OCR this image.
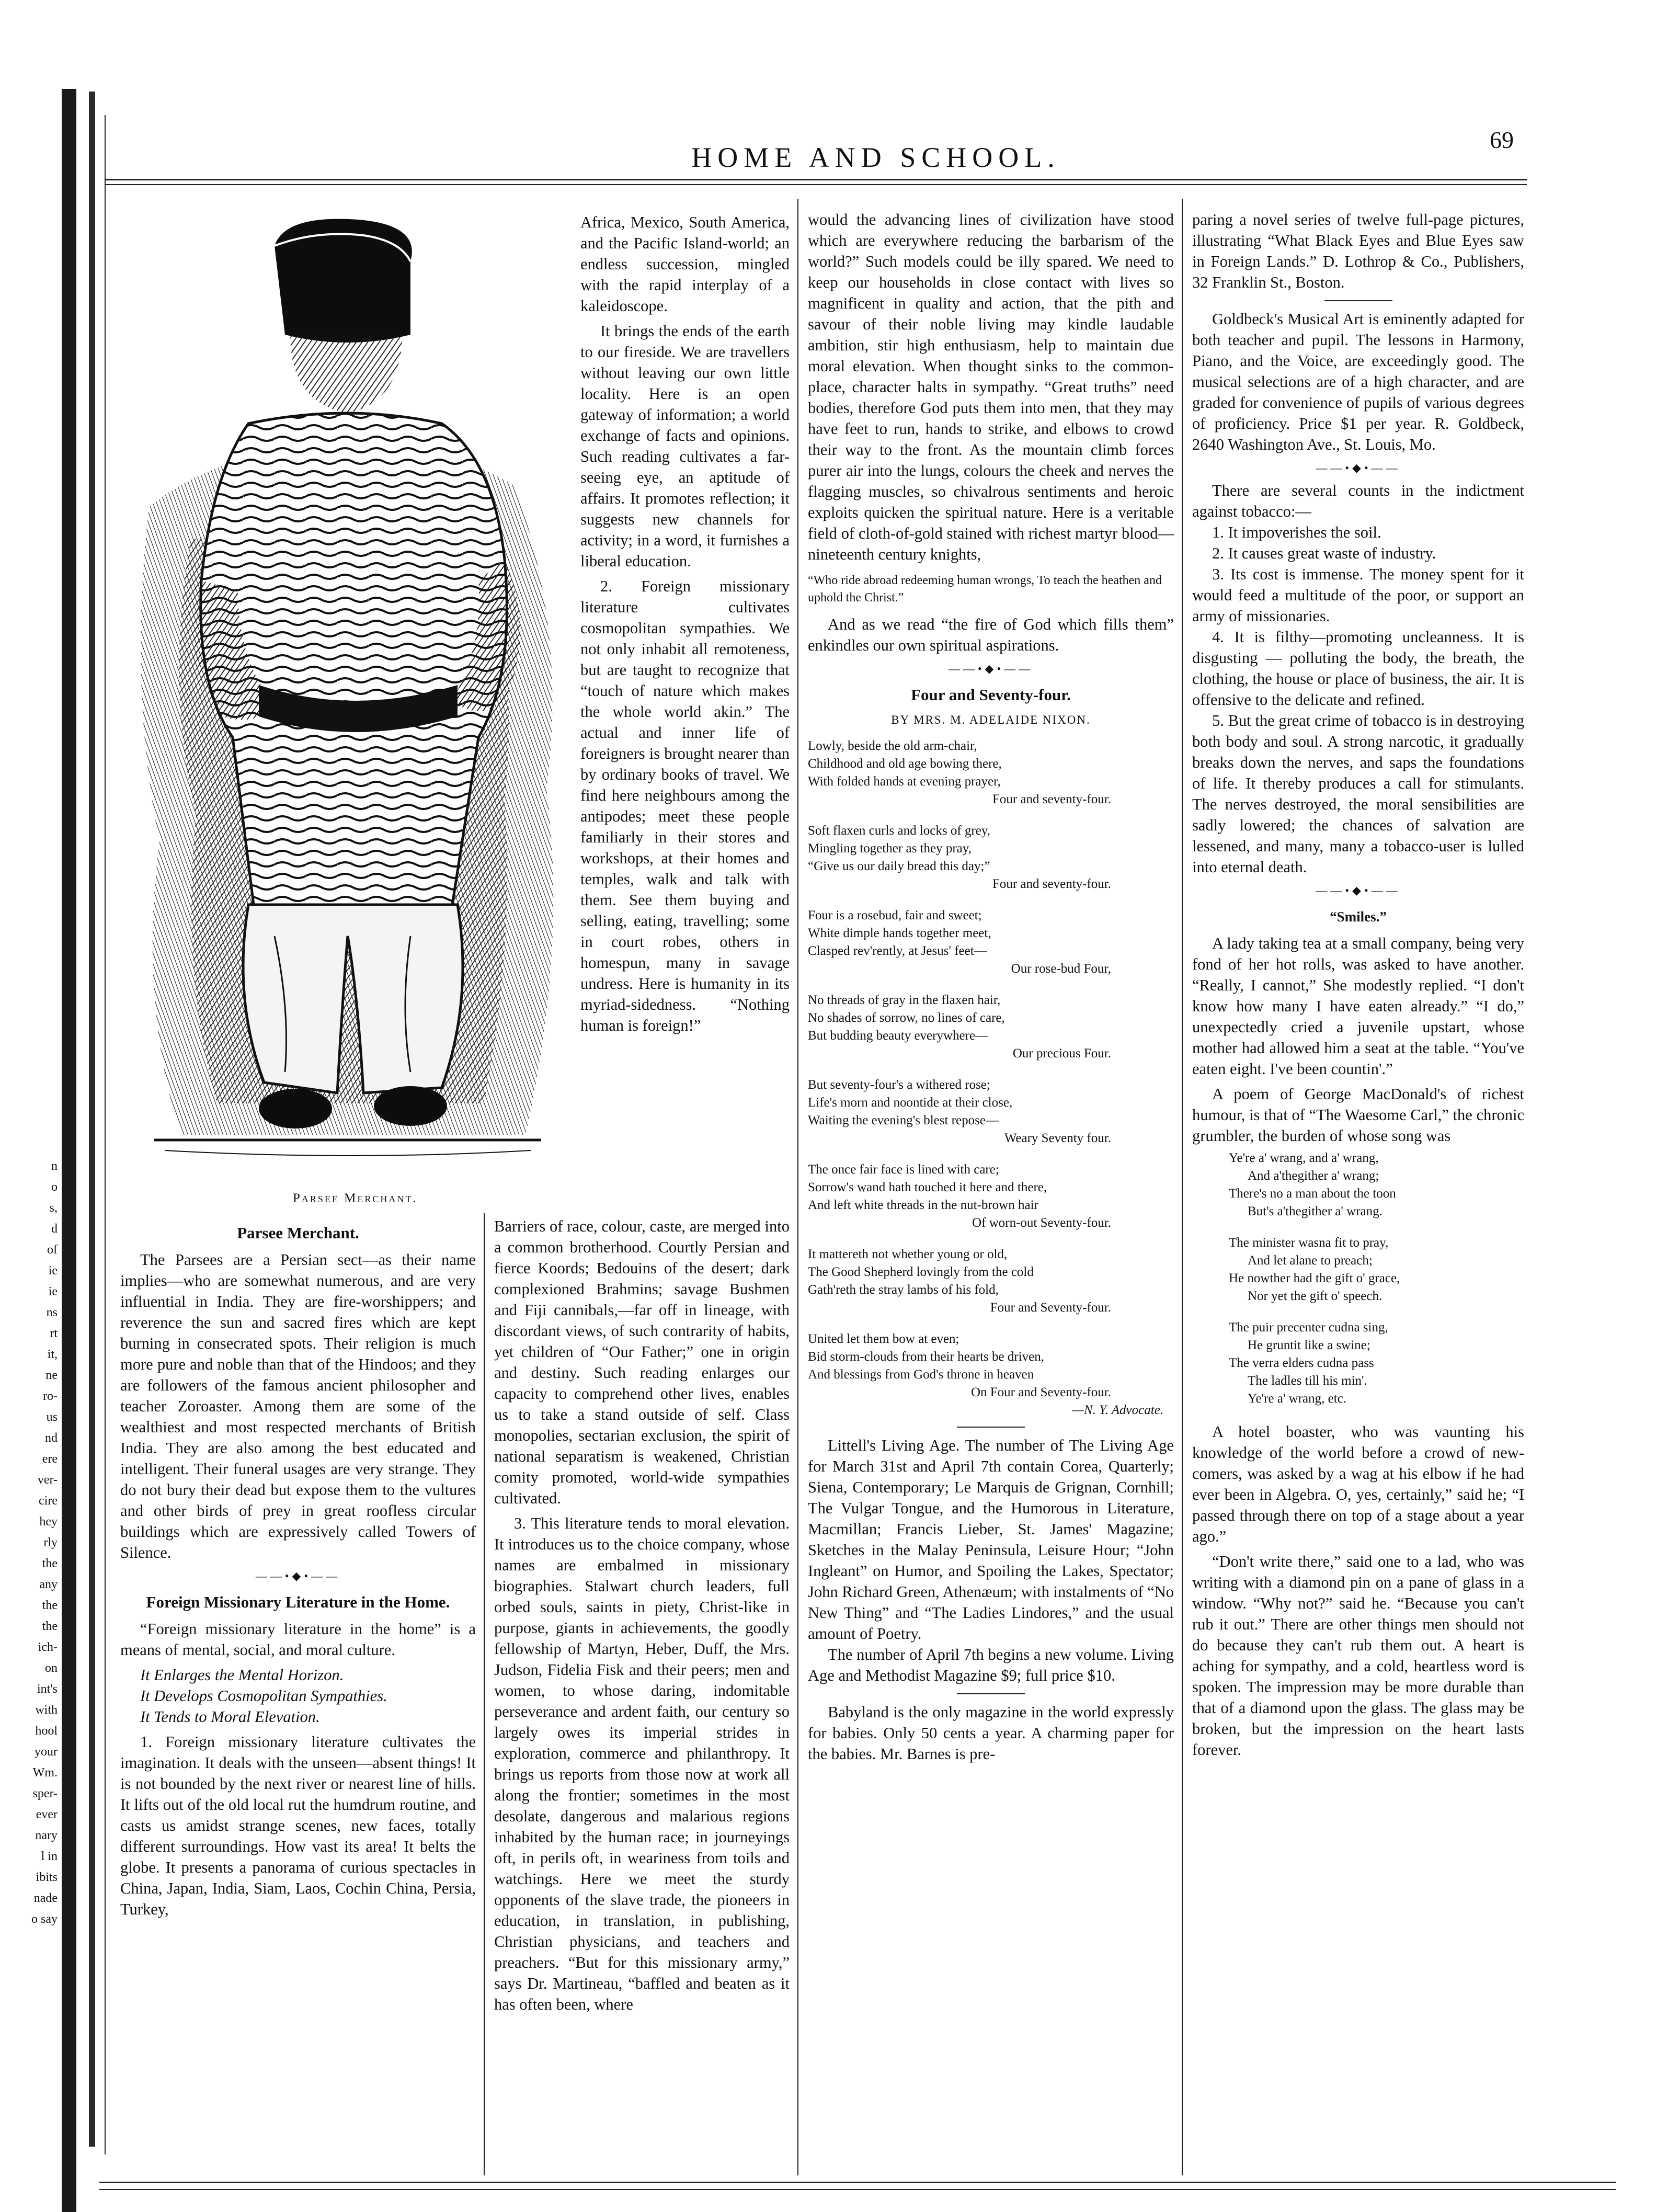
n
o
s,
d
of
ie
ie
ns
rt
it,
ne
ro-
us
nd
ere
ver-
cire
hey
rly
the
any
the
the
ich-
on
int's
with
hool
your
Wm.
sper-
ever
nary
l in
ibits
nade
o say
HOME AND SCHOOL.
69
Parsee Merchant.
Parsee Merchant.

The Parsees are a Persian sect—as their name implies—who are somewhat numerous, and are very influential in India. They are fire-worshippers; and reverence the sun and sacred fires which are kept burning in consecrated spots. Their religion is much more pure and noble than that of the Hindoos; and they are followers of the famous ancient philosopher and teacher Zoroaster. Among them are some of the wealthiest and most respected merchants of British India. They are also among the best educated and intelligent. Their funeral usages are very strange. They do not bury their dead but expose them to the vultures and other birds of prey in great roofless circular buildings which are expressively called Towers of Silence.

——•◆•——
Foreign Missionary Literature in the Home.

“Foreign missionary literature in the home” is a means of mental, social, and moral culture.

It Enlarges the Mental Horizon.
It Develops Cosmopolitan Sympathies.
It Tends to Moral Elevation.

1. Foreign missionary literature cultivates the imagination. It deals with the unseen—absent things! It is not bounded by the next river or nearest line of hills. It lifts out of the old local rut the humdrum routine, and casts us amidst strange scenes, new faces, totally different surroundings. How vast its area! It belts the globe. It presents a panorama of curious spectacles in China, Japan, India, Siam, Laos, Cochin China, Persia, Turkey,

Africa, Mexico, South America, and the Pacific Island-world; an endless succession, mingled with the rapid interplay of a kaleidoscope.

It brings the ends of the earth to our fireside. We are travellers without leaving our own little locality. Here is an open gateway of information; a world exchange of facts and opinions. Such reading cultivates a far-seeing eye, an aptitude of affairs. It promotes reflection; it suggests new channels for activity; in a word, it furnishes a liberal education.

2. Foreign missionary literature cultivates cosmopolitan sympathies. We not only inhabit all remoteness, but are taught to recognize that “touch of nature which makes the whole world akin.” The actual and inner life of foreigners is brought nearer than by ordinary books of travel. We find here neighbours among the antipodes; meet these people familiarly in their stores and workshops, at their homes and temples, walk and talk with them. See them buying and selling, eating, travelling; some in court robes, others in homespun, many in savage undress. Here is humanity in its myriad-sidedness. “Nothing human is foreign!”

Barriers of race, colour, caste, are merged into a common brotherhood. Courtly Persian and fierce Koords; Bedouins of the desert; dark complexioned Brahmins; savage Bushmen and Fiji cannibals,—far off in lineage, with discordant views, of such contrarity of habits, yet children of “Our Father;” one in origin and destiny. Such reading enlarges our capacity to comprehend other lives, enables us to take a stand outside of self. Class monopolies, sectarian exclusion, the spirit of national separatism is weakened, Christian comity promoted, world-wide sympathies cultivated.

3. This literature tends to moral elevation. It introduces us to the choice company, whose names are embalmed in missionary biographies. Stalwart church leaders, full orbed souls, saints in piety, Christ-like in purpose, giants in achievements, the goodly fellowship of Martyn, Heber, Duff, the Mrs. Judson, Fidelia Fisk and their peers; men and women, to whose daring, indomitable perseverance and ardent faith, our century so largely owes its imperial strides in exploration, commerce and philanthropy. It brings us reports from those now at work all along the frontier; sometimes in the most desolate, dangerous and malarious regions inhabited by the human race; in journeyings oft, in perils oft, in weariness from toils and watchings. Here we meet the sturdy opponents of the slave trade, the pioneers in education, in translation, in publishing, Christian physicians, and teachers and preachers. “But for this missionary army,” says Dr. Martineau, “baffled and beaten as it has often been, where

would the advancing lines of civilization have stood which are everywhere reducing the barbarism of the world?” Such models could be illy spared. We need to keep our households in close contact with lives so magnificent in quality and action, that the pith and savour of their noble living may kindle laudable ambition, stir high enthusiasm, help to maintain due moral elevation. When thought sinks to the common-place, character halts in sympathy. “Great truths” need bodies, therefore God puts them into men, that they may have feet to run, hands to strike, and elbows to crowd their way to the front. As the mountain climb forces purer air into the lungs, colours the cheek and nerves the flagging muscles, so chivalrous sentiments and heroic exploits quicken the spiritual nature. Here is a veritable field of cloth-of-gold stained with richest martyr blood—nineteenth century knights,

“Who ride abroad redeeming human wrongs, To teach the heathen and uphold the Christ.”

And as we read “the fire of God which fills them” enkindles our own spiritual aspirations.

——•◆•——
Four and Seventy-four.
BY MRS. M. ADELAIDE NIXON.
Lowly, beside the old arm-chair,
Childhood and old age bowing there,
With folded hands at evening prayer,
Four and seventy-four.
Soft flaxen curls and locks of grey,
Mingling together as they pray,
“Give us our daily bread this day;”
Four and seventy-four.
Four is a rosebud, fair and sweet;
White dimple hands together meet,
Clasped rev'rently, at Jesus' feet—
Our rose-bud Four,
No threads of gray in the flaxen hair,
No shades of sorrow, no lines of care,
But budding beauty everywhere—
Our precious Four.
But seventy-four's a withered rose;
Life's morn and noontide at their close,
Waiting the evening's blest repose—
Weary Seventy four.
The once fair face is lined with care;
Sorrow's wand hath touched it here and there,
And left white threads in the nut-brown hair
Of worn-out Seventy-four.
It mattereth not whether young or old,
The Good Shepherd lovingly from the cold
Gath'reth the stray lambs of his fold,
Four and Seventy-four.
United let them bow at even;
Bid storm-clouds from their hearts be driven,
And blessings from God's throne in heaven
On Four and Seventy-four.
—N. Y. Advocate.

Littell's Living Age. The number of The Living Age for March 31st and April 7th contain Corea, Quarterly; Siena, Contemporary; Le Marquis de Grignan, Cornhill; The Vulgar Tongue, and the Humorous in Literature, Macmillan; Francis Lieber, St. James' Magazine; Sketches in the Malay Peninsula, Leisure Hour; “John Ingleant” on Humor, and Spoiling the Lakes, Spectator; John Richard Green, Athenæum; with instalments of “No New Thing” and “The Ladies Lindores,” and the usual amount of Poetry.

The number of April 7th begins a new volume. Living Age and Methodist Magazine $9; full price $10.

Babyland is the only magazine in the world expressly for babies. Only 50 cents a year. A charming paper for the babies. Mr. Barnes is pre-

paring a novel series of twelve full-page pictures, illustrating “What Black Eyes and Blue Eyes saw in Foreign Lands.” D. Lothrop & Co., Publishers, 32 Franklin St., Boston.

Goldbeck's Musical Art is eminently adapted for both teacher and pupil. The lessons in Harmony, Piano, and the Voice, are exceedingly good. The musical selections are of a high character, and are graded for convenience of pupils of various degrees of proficiency. Price $1 per year. R. Goldbeck, 2640 Washington Ave., St. Louis, Mo.

——•◆•——

There are several counts in the indictment against tobacco:—

1. It impoverishes the soil.

2. It causes great waste of industry.

3. Its cost is immense. The money spent for it would feed a multitude of the poor, or support an army of missionaries.

4. It is filthy—promoting uncleanness. It is disgusting — polluting the body, the breath, the clothing, the house or place of business, the air. It is offensive to the delicate and refined.

5. But the great crime of tobacco is in destroying both body and soul. A strong narcotic, it gradually breaks down the nerves, and saps the foundations of life. It thereby produces a call for stimulants. The nerves destroyed, the moral sensibilities are sadly lowered; the chances of salvation are lessened, and many, many a tobacco-user is lulled into eternal death.

——•◆•——
“Smiles.”

A lady taking tea at a small company, being very fond of her hot rolls, was asked to have another. “Really, I cannot,” She modestly replied. “I don't know how many I have eaten already.” “I do,” unexpectedly cried a juvenile upstart, whose mother had allowed him a seat at the table. “You've eaten eight. I've been countin'.”

A poem of George MacDonald's of richest humour, is that of “The Waesome Carl,” the chronic grumbler, the burden of whose song was

Ye're a' wrang, and a' wrang,
And a'thegither a' wrang;
There's no a man about the toon
But's a'thegither a' wrang.
The minister wasna fit to pray,
And let alane to preach;
He nowther had the gift o' grace,
Nor yet the gift o' speech.
The puir precenter cudna sing,
He gruntit like a swine;
The verra elders cudna pass
The ladles till his min'.
Ye're a' wrang, etc.

A hotel boaster, who was vaunting his knowledge of the world before a crowd of new-comers, was asked by a wag at his elbow if he had ever been in Algebra. O, yes, certainly,” said he; “I passed through there on top of a stage about a year ago.”

“Don't write there,” said one to a lad, who was writing with a diamond pin on a pane of glass in a window. “Why not?” said he. “Because you can't rub it out.” There are other things men should not do because they can't rub them out. A heart is aching for sympathy, and a cold, heartless word is spoken. The impression may be more durable than that of a diamond upon the glass. The glass may be broken, but the impression on the heart lasts forever.
